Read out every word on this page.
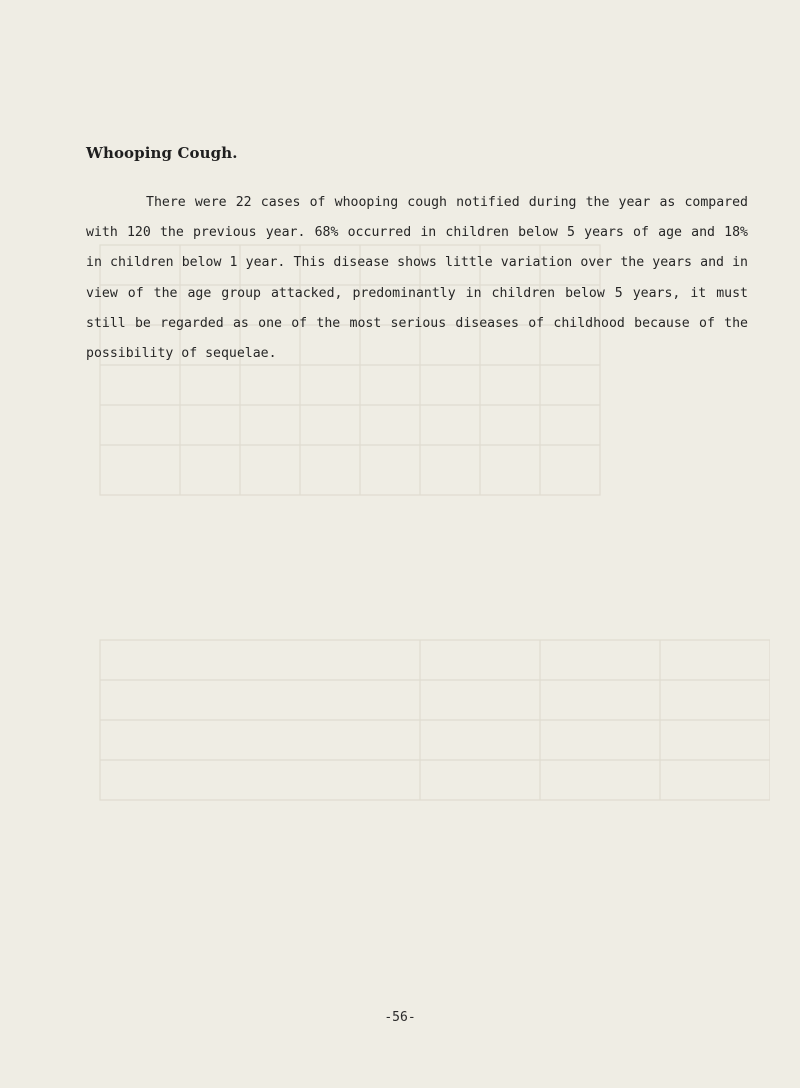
Whooping Cough.

There were 22 cases of whooping cough notified during the year as compared with 120 the previous year. 68% occurred in children below 5 years of age and 18% in children below 1 year. This disease shows little variation over the years and in view of the age group attacked, predominantly in children below 5 years, it must still be regarded as one of the most serious diseases of childhood because of the possibility of sequelae.

-56-
